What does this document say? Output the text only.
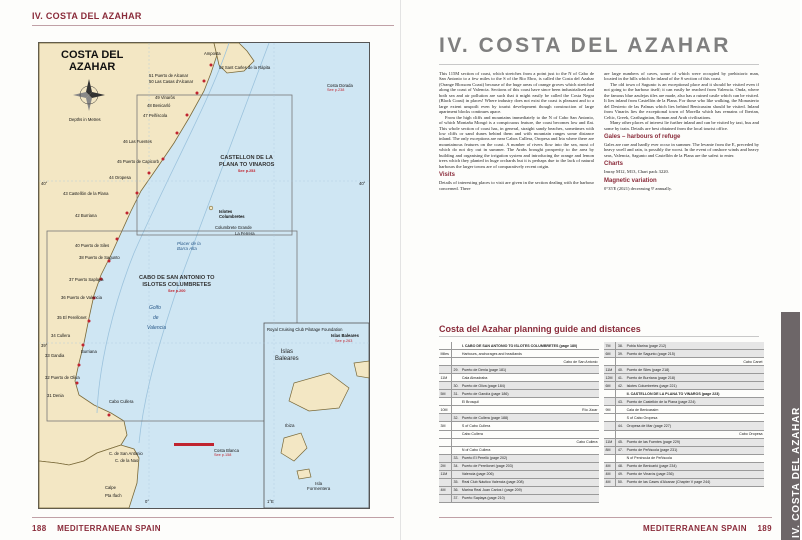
IV. COSTA DEL AZAHAR
COSTA DEL
AZAHAR
Depths in Metres
Amposta
52 Sant Carles de la Ràpita
51 Puerto de Alcanar
50 Las Casas d'Alcanar
49 Vinaròs
48 Benicarló
47 Peñíscola
46 Las Fuentes
45 Puerto de Capicorb
44 Oropesa
43 Castellón de la Plana
42 Burriana
40 Puerto de Siles
38 Puerto de Sagunto
37 Puerto Saplaya
36 Puerto de Valencia
35 El Perellonet
34 Cullera
33 Gandia
32 Puerto de Oliva
31 Denia
Cabo Cullera
Burriana
CASTELLON DE LA
PLANA TO VINAROS
See p.253
CABO DE SAN ANTONIO TO
ISLOTES COLUMBRETES
See p.200
Costa Dorada
See p.238
Islotes
Columbretes
Columbrete Grande
La Ferrera
Placer de la
Barra Alta
Golfo
de
Valencia	Royal Cruising Club Pilotage Foundation
Islas Baleares
See p.263
Islas
Baleares
Ibiza
Isla
Formentera
C. de San Antonio
C. de la Nao
Calpe
Pta Ifach
Costa Blanca
See p.158
40°	40°
39°
0°	1°E
188 MEDITERRANEAN SPAIN
IV. COSTA DEL AZAHAR

This 115M section of coast, which stretches from a point just to the N of Cabo de San Antonio to a few miles to the S of the Rio Ebro, is called the Costa del Azahar (Orange Blossom Coast) because of the huge areas of orange groves which stretched along the coast of Valencia. Sections of this coast have since been industrialised and both sea and air pollution are such that it might easily be called the Costa Negra (Black Coast) in places! Where industry does not exist the coast is pleasant and to a large extent unspoilt even by tourist development though construction of large apartment blocks continues apace.

From the high cliffs and mountains immediately to the N of Cabo San Antonio, of which Montaña Mongó is a conspicuous feature, the coast becomes low and flat. This whole section of coast has, in general, straight sandy beaches, sometimes with low cliffs or sand dunes behind them and with mountain ranges some distance inland. The only exceptions are near Cabos Cullera, Oropesa and Irta where there are mountainous features on the coast. A number of rivers flow into the sea, most of which do not dry out in summer. The Arabs brought prosperity to the area by building and organising the irrigation system and introducing the orange and lemon trees which they planted in huge orchards but it is perhaps due to the lack of natural harbours the larger towns are of comparatively recent origin.

Visits

Details of interesting places to visit are given in the section dealing with the harbour concerned. There

are large numbers of caves, some of which were occupied by prehistoric man, located in the hills which lie inland of the S section of this coast.

The old town of Sagunto is an exceptional place and it should be visited even if not going to the harbour itself; it can easily be reached from Valencia. Onda, where the famous blue azulejas tiles are made, also has a ruined castle which can be visited. It lies inland from Castellón de la Plana. For those who like walking, the Monasterio del Desierto de las Palmas which lies behind Benicassim should be visited. Inland from Vinaròs lies the exceptional town of Morella which has remains of Iberian, Celtic, Greek, Carthaginian, Roman and Arab civilisations.

Many other places of interest lie further inland and can be visited by taxi, bus and some by train. Details are best obtained from the local tourist office.

Gales – harbours of refuge

Gales are rare and hardly ever occur in summer. The levante from the E, preceded by heavy swell and rain, is possibly the worst. In the event of onshore winds and heavy seas, Valencia, Sagunto and Castellón de la Plana are the safest to enter.

Charts

Imray M12, M13, Chart pack 3220.

Magnetic variation

0°35'E (2021) decreasing 9' annually.

Costa del Azahar planning guide and distances
		I. CABO DE SAN ANTONIO TO ISLOTES COLUMBRETES (page 180)
Miles		Harbours, anchorages and headlands
		Cabo de San Antonio
	29.	Puerto de Denia (page 181)
11M		Cala Almadraba
	30.	Puerto de Oliva (page 184)
5M	31.	Puerto de Gandía (page 186)
		El Brosquil
10M		Río Júcar
	32.	Puerto de Cullera (page 188)
3M		S of Cabo Cullera
		Cabo Cullera
		Cabo Cullera
		N of Cabo Cullera
	33.	Puerto El Perelló (page 202)
2M	34.	Puerto de Perellonet (page 203)
11M		Valencia (page 206)
	35.	Real Club Náutico Valencia (page 208)
4M	36.	Marina Real Juan Carlos I (page 209)
	37.	Puerto Saplaya (page 210)
7M	38.	Pobla Marina (page 212)
6M	39.	Puerto de Sagunto (page 215)
		Cabo Canet
11M	40.	Puerto de Siles (page 218)
12M	41.	Puerto de Burriana (page 218)
6M	42.	Islotes Columbretes (page 221)
		II. CASTELLON DE LA PLANA TO VINAROS (page 223)
	43.	Puerto de Castellón de la Plana (page 224)
9M		Cala de Benicassim
		S of Cabo Oropesa
	44.	Oropesa de Mar (page 227)
		Cabo Oropesa
11M	45.	Puerto de las Fuentes (page 229)
8M	47.	Puerto de Peñíscola (page 231)
		N of Peníncula de Peñíscola
4M	48.	Puerto de Benicarló (page 234)
4M	49.	Puerto de Vinaròs (page 236)
4M	50.	Puerto de las Cases d'Alcanar (Chapter V page 244)	IV. COSTA DEL AZAHAR
MEDITERRANEAN SPAIN 189
